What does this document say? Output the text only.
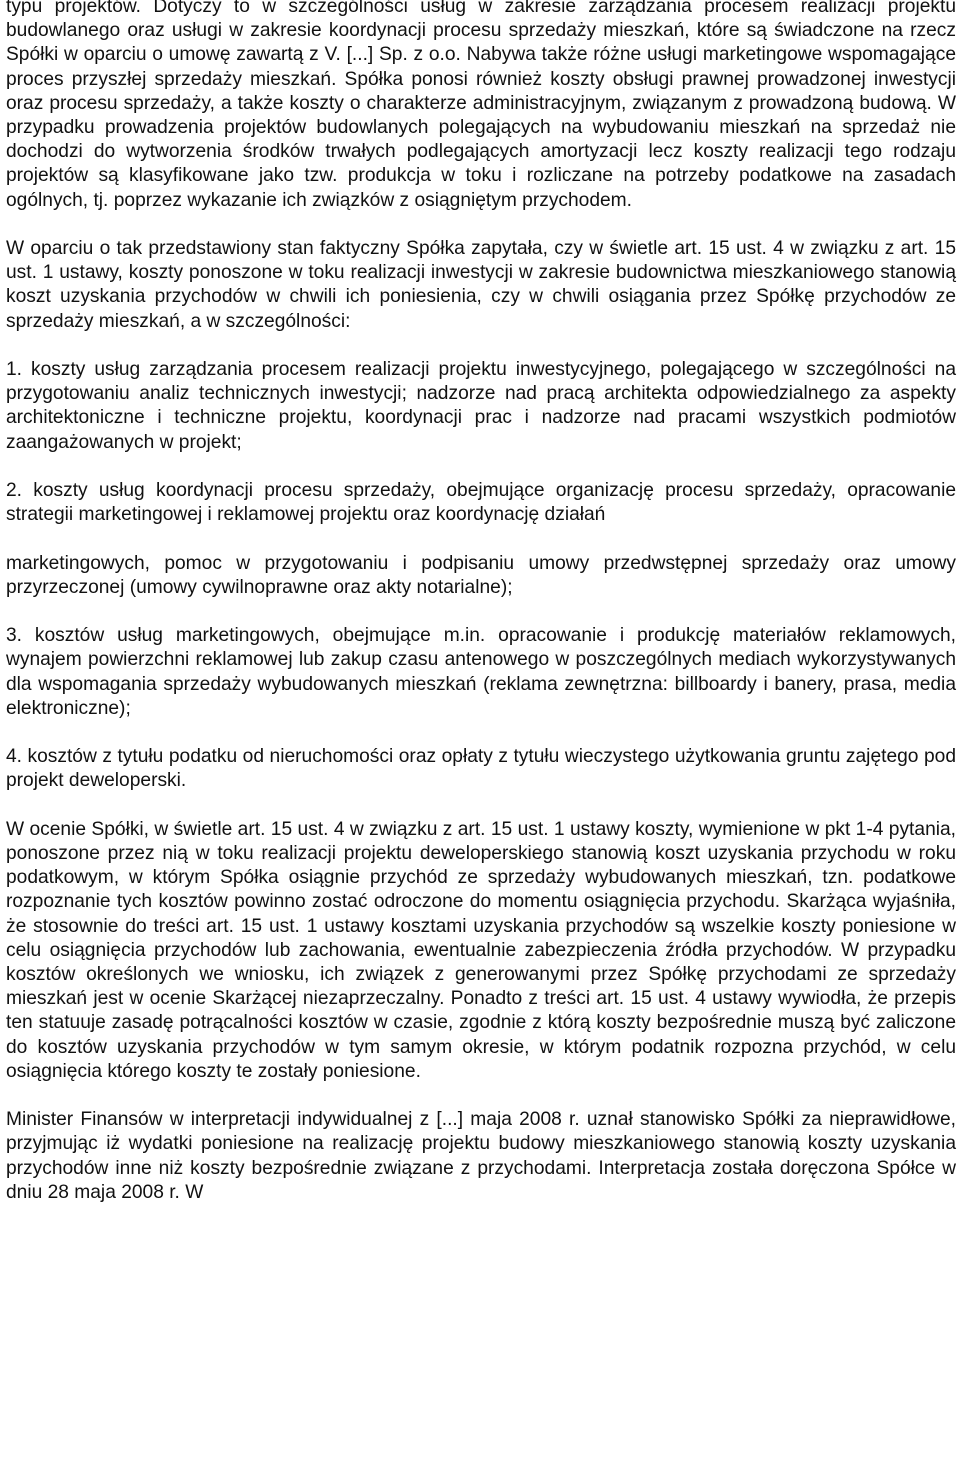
typu projektów. Dotyczy to w szczególności usług w zakresie zarządzania procesem realizacji projektu budowlanego oraz usługi w zakresie koordynacji procesu sprzedaży mieszkań, które są świadczone na rzecz Spółki w oparciu o umowę zawartą z V. [...] Sp. z o.o. Nabywa także różne usługi marketingowe wspomagające proces przyszłej sprzedaży mieszkań. Spółka ponosi również koszty obsługi prawnej prowadzonej inwestycji oraz procesu sprzedaży, a także koszty o charakterze administracyjnym, związanym z prowadzoną budową. W przypadku prowadzenia projektów budowlanych polegających na wybudowaniu mieszkań na sprzedaż nie dochodzi do wytworzenia środków trwałych podlegających amortyzacji lecz koszty realizacji tego rodzaju projektów są klasyfikowane jako tzw. produkcja w toku i rozliczane na potrzeby podatkowe na zasadach ogólnych, tj. poprzez wykazanie ich związków z osiągniętym przychodem.

W oparciu o tak przedstawiony stan faktyczny Spółka zapytała, czy w świetle art. 15 ust. 4 w związku z art. 15 ust. 1 ustawy, koszty ponoszone w toku realizacji inwestycji w zakresie budownictwa mieszkaniowego stanowią koszt uzyskania przychodów w chwili ich poniesienia, czy w chwili osiągania przez Spółkę przychodów ze sprzedaży mieszkań, a w szczególności:

1. koszty usług zarządzania procesem realizacji projektu inwestycyjnego, polegającego w szczególności na przygotowaniu analiz technicznych inwestycji; nadzorze nad pracą architekta odpowiedzialnego za aspekty architektoniczne i techniczne projektu, koordynacji prac i nadzorze nad pracami wszystkich podmiotów zaangażowanych w projekt;

2. koszty usług koordynacji procesu sprzedaży, obejmujące organizację procesu sprzedaży, opracowanie strategii marketingowej i reklamowej projektu oraz koordynację działań

marketingowych, pomoc w przygotowaniu i podpisaniu umowy przedwstępnej sprzedaży oraz umowy przyrzeczonej (umowy cywilnoprawne oraz akty notarialne);

3. kosztów usług marketingowych, obejmujące m.in. opracowanie i produkcję materiałów reklamowych, wynajem powierzchni reklamowej lub zakup czasu antenowego w poszczególnych mediach wykorzystywanych dla wspomagania sprzedaży wybudowanych mieszkań (reklama zewnętrzna: billboardy i banery, prasa, media elektroniczne);

4. kosztów z tytułu podatku od nieruchomości oraz opłaty z tytułu wieczystego użytkowania gruntu zajętego pod projekt deweloperski.

W ocenie Spółki, w świetle art. 15 ust. 4 w związku z art. 15 ust. 1 ustawy koszty, wymienione w pkt 1-4 pytania, ponoszone przez nią w toku realizacji projektu deweloperskiego stanowią koszt uzyskania przychodu w roku podatkowym, w którym Spółka osiągnie przychód ze sprzedaży wybudowanych mieszkań, tzn. podatkowe rozpoznanie tych kosztów powinno zostać odroczone do momentu osiągnięcia przychodu. Skarżąca wyjaśniła, że stosownie do treści art. 15 ust. 1 ustawy kosztami uzyskania przychodów są wszelkie koszty poniesione w celu osiągnięcia przychodów lub zachowania, ewentualnie zabezpieczenia źródła przychodów. W przypadku kosztów określonych we wniosku, ich związek z generowanymi przez Spółkę przychodami ze sprzedaży mieszkań jest w ocenie Skarżącej niezaprzeczalny. Ponadto z treści art. 15 ust. 4 ustawy wywiodła, że przepis ten statuuje zasadę potrącalności kosztów w czasie, zgodnie z którą koszty bezpośrednie muszą być zaliczone do kosztów uzyskania przychodów w tym samym okresie, w którym podatnik rozpozna przychód, w celu osiągnięcia którego koszty te zostały poniesione.

Minister Finansów w interpretacji indywidualnej z [...] maja 2008 r. uznał stanowisko Spółki za nieprawidłowe, przyjmując iż wydatki poniesione na realizację projektu budowy mieszkaniowego stanowią koszty uzyskania przychodów inne niż koszty bezpośrednie związane z przychodami. Interpretacja została doręczona Spółce w dniu 28 maja 2008 r. W
